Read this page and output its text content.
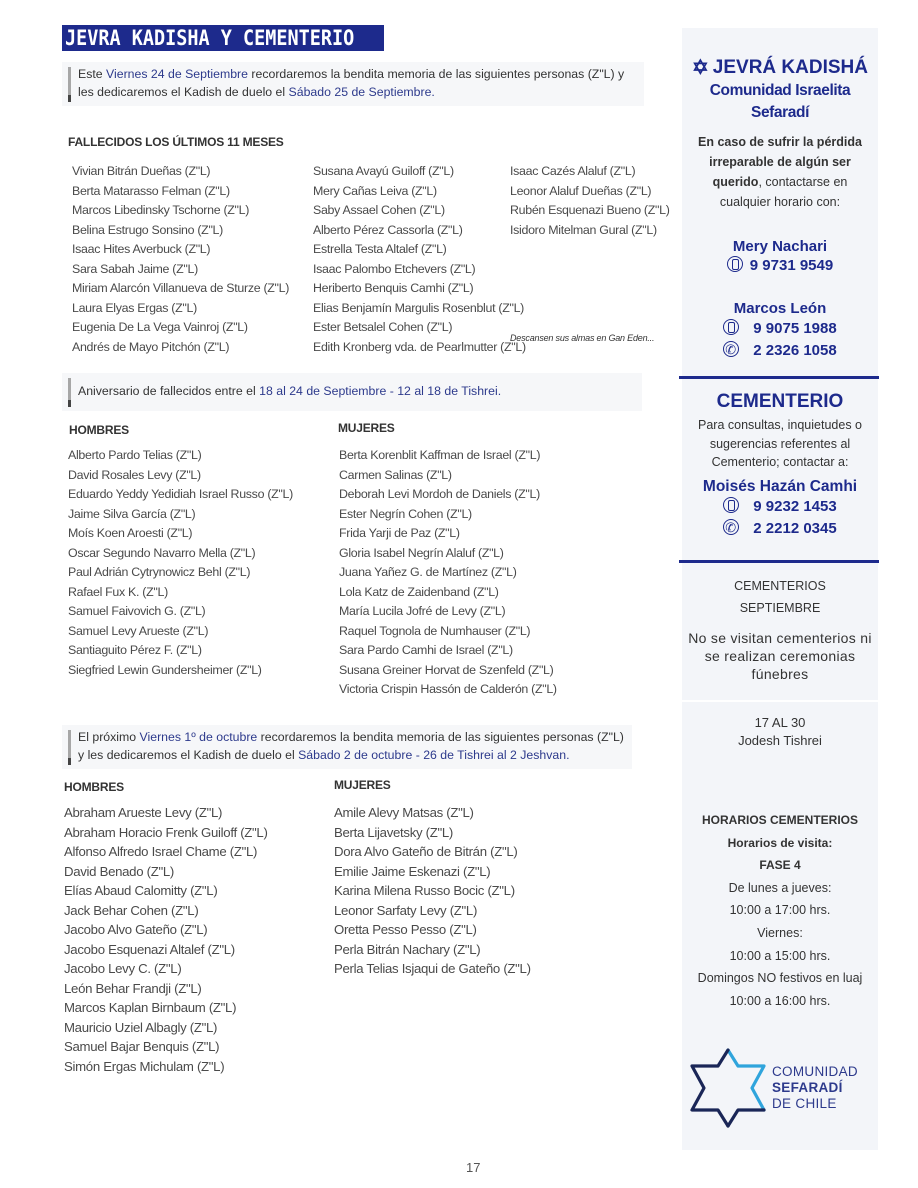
JEVRA KADISHA Y CEMENTERIO
Este Viernes 24 de Septiembre recordaremos la bendita memoria de las siguientes personas (Z"L) y les dedicaremos el Kadish de duelo el Sábado 25 de Septiembre.
FALLECIDOS LOS ÚLTIMOS 11 MESES
Vivian Bitrán Dueñas (Z"L)
Berta Matarasso Felman (Z"L)
Marcos Libedinsky Tschorne (Z"L)
Belina Estrugo Sonsino (Z"L)
Isaac Hites Averbuck (Z"L)
Sara Sabah Jaime (Z"L)
Miriam Alarcón Villanueva de Sturze (Z"L)
Laura Elyas Ergas (Z"L)
Eugenia De La Vega Vainroj (Z"L)
Andrés de Mayo Pitchón (Z"L)
Susana Avayú Guiloff (Z"L)
Mery Cañas Leiva (Z"L)
Saby Assael Cohen (Z"L)
Alberto Pérez Cassorla (Z"L)
Estrella Testa Altalef (Z"L)
Isaac Palombo Etchevers (Z"L)
Heriberto Benquis Camhi (Z"L)
Elias Benjamín Margulis Rosenblut (Z"L)
Ester Betsalel Cohen (Z"L)
Edith Kronberg vda. de Pearlmutter (Z"L)
Isaac Cazés Alaluf (Z"L)
Leonor Alaluf Dueñas (Z"L)
Rubén Esquenazi Bueno (Z"L)
Isidoro Mitelman Gural (Z"L)
Descansen sus almas en Gan Eden...
Aniversario de fallecidos entre el 18 al 24 de Septiembre - 12 al 18 de Tishrei.
HOMBRES	MUJERES
Alberto Pardo Telias (Z"L)
David Rosales Levy (Z"L)
Eduardo Yeddy Yedidiah Israel Russo (Z"L)
Jaime Silva García (Z"L)
Moís Koen Aroesti (Z"L)
Oscar Segundo Navarro Mella (Z"L)
Paul Adrián Cytrynowicz Behl (Z"L)
Rafael Fux K. (Z"L)
Samuel Faivovich G. (Z"L)
Samuel Levy Arueste (Z"L)
Santiaguito Pérez F. (Z"L)
Siegfried Lewin Gundersheimer (Z"L)
Berta Korenblit Kaffman de Israel (Z"L)
Carmen Salinas (Z"L)
Deborah Levi Mordoh de Daniels (Z"L)
Ester Negrín Cohen (Z"L)
Frida Yarji de Paz (Z"L)
Gloria Isabel Negrín Alaluf (Z"L)
Juana Yañez G. de Martínez (Z"L)
Lola Katz de Zaidenband (Z"L)
María Lucila Jofré de Levy (Z"L)
Raquel Tognola de Numhauser (Z"L)
Sara Pardo Camhi de Israel (Z"L)
Susana Greiner Horvat de Szenfeld (Z"L)
Victoria Crispin Hassón de Calderón (Z"L)
El próximo Viernes 1º de octubre recordaremos la bendita memoria de las siguientes personas (Z"L) y les dedicaremos el Kadish de duelo el Sábado 2 de octubre - 26 de Tishrei al 2 Jeshvan.
HOMBRES	MUJERES
Abraham Arueste Levy (Z"L)
Abraham Horacio Frenk Guiloff (Z"L)
Alfonso Alfredo Israel Chame (Z"L)
David Benado (Z"L)
Elías Abaud Calomitty (Z"L)
Jack Behar Cohen (Z"L)
Jacobo Alvo Gateño (Z"L)
Jacobo Esquenazi Altalef (Z"L)
Jacobo Levy C. (Z"L)
León Behar Frandji (Z"L)
Marcos Kaplan Birnbaum (Z"L)
Mauricio Uziel Albagly (Z"L)
Samuel Bajar Benquis (Z"L)
Simón Ergas Michulam (Z"L)
Amile Alevy Matsas (Z"L)
Berta Lijavetsky (Z"L)
Dora Alvo Gateño de Bitrán (Z"L)
Emilie Jaime Eskenazi (Z"L)
Karina Milena Russo Bocic (Z"L)
Leonor Sarfaty Levy (Z"L)
Oretta Pesso Pesso (Z"L)
Perla Bitrán Nachary (Z"L)
Perla Telias Isjaqui de Gateño (Z"L)
✡ JEVRÁ KADISHÁ
Comunidad Israelita Sefaradí
En caso de sufrir la pérdida irreparable de algún ser querido, contactarse en cualquier horario con:
Mery Nachari
9 9731 9549
Marcos León
9 9075 1988
✆2 2326 1058
CEMENTERIO
Para consultas, inquietudes o sugerencias referentes al Cementerio; contactar a:
Moisés Hazán Camhi
9 9232 1453
✆2 2212 0345
CEMENTERIOS
SEPTIEMBRE
No se visitan cementerios ni se realizan ceremonias fúnebres
17 AL 30
Jodesh Tishrei
HORARIOS CEMENTERIOS
Horarios de visita:
FASE 4
De lunes a jueves:
10:00 a 17:00 hrs.
Viernes:
10:00 a 15:00 hrs.
Domingos NO festivos en luaj
10:00 a 16:00 hrs.
COMUNIDAD
SEFARADÍ
DE CHILE
17
